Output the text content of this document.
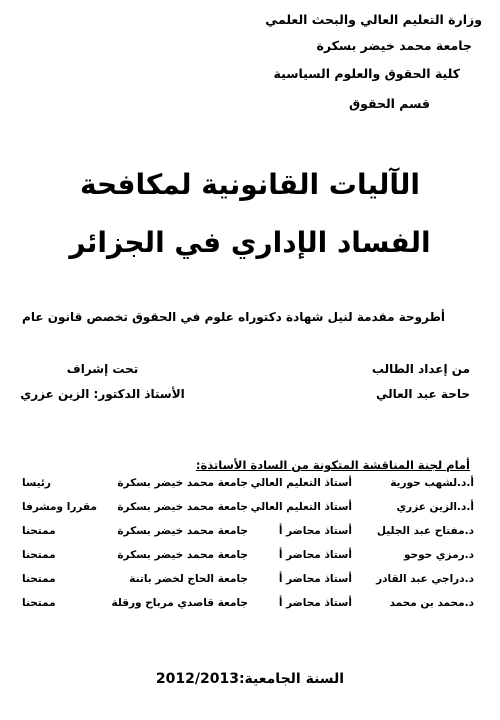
وزارة التعليم العالي والبحث العلمي
جامعة محمد خيضر بسكرة
كلية الحقوق والعلوم السياسية
قسم الحقوق
الآليات القانونية لمكافحة
الفساد الإداري في الجزائر
أطروحة مقدمة لنيل شهادة دكتوراه علوم في الحقوق تخصص قانون عام
من إعداد الطالب
حاحة عبد العالي
تحت إشراف
الأستاذ الدكتور: الزين عزري
أمام لجنة المناقشة المتكونة من السادة الأساتذة:
أ.د.لشهب حورية
أستاذ التعليم العالي
جامعة محمد خيضر بسكرة
رئيسا
أ.د.الزين عزري
أستاذ التعليم العالي
جامعة محمد خيضر بسكرة
مقررا ومشرفا
د.مفتاح عبد الجليل
أستاذ محاضر أ
جامعة محمد خيضر بسكرة
ممتحنا
د.رمزي حوحو
أستاذ محاضر أ
جامعة محمد خيضر بسكرة
ممتحنا
د.دراجي عبد القادر
أستاذ محاضر أ
جامعة الحاج لخضر باتنة
ممتحنا
د.محمد بن محمد
أستاذ محاضر أ
جامعة قاصدي مرباح ورقلة
ممتحنا
السنة الجامعية:2012/2013
